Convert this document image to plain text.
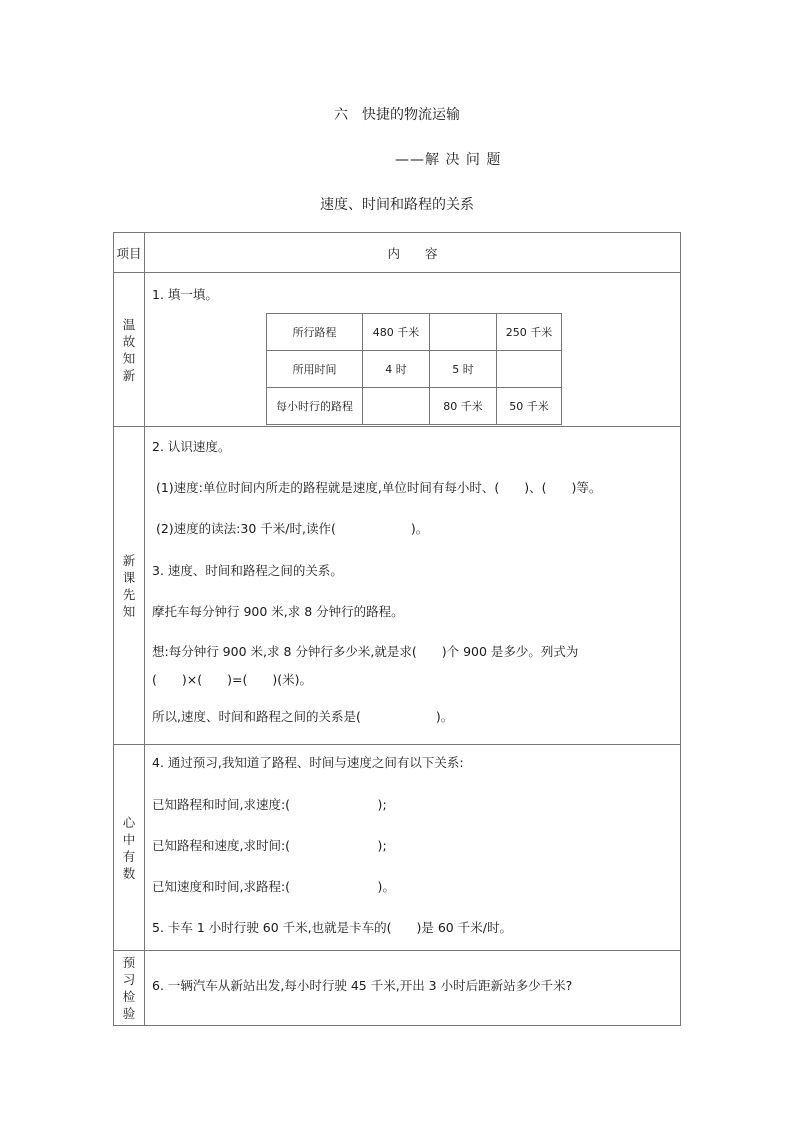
六　快捷的物流运输
——解 决 问 题
速度、时间和路程的关系
项目	内　　容
温故知新	
1. 填一填。
所行路程	480 千米		250 千米
所用时间	4 时	5 时	
每小时行的路程		80 千米	50 千米

新课先知	
2. 认识速度。
(1)速度:单位时间内所走的路程就是速度,单位时间有每小时、(　　)、(　　)等。
(2)速度的读法:30 千米/时,读作(　　　　　　)。
3. 速度、时间和路程之间的关系。
摩托车每分钟行 900 米,求 8 分钟行的路程。
想:每分钟行 900 米,求 8 分钟行多少米,就是求(　　)个 900 是多少。列式为
(　　)×(　　)=(　　)(米)。
所以,速度、时间和路程之间的关系是(　　　　　　)。

心中有数	
4. 通过预习,我知道了路程、时间与速度之间有以下关系:
已知路程和时间,求速度:(　　　　　　　);
已知路程和速度,求时间:(　　　　　　　);
已知速度和时间,求路程:(　　　　　　　)。
5. 卡车 1 小时行驶 60 千米,也就是卡车的(　　)是 60 千米/时。

预习检验	
6. 一辆汽车从新站出发,每小时行驶 45 千米,开出 3 小时后距新站多少千米?
